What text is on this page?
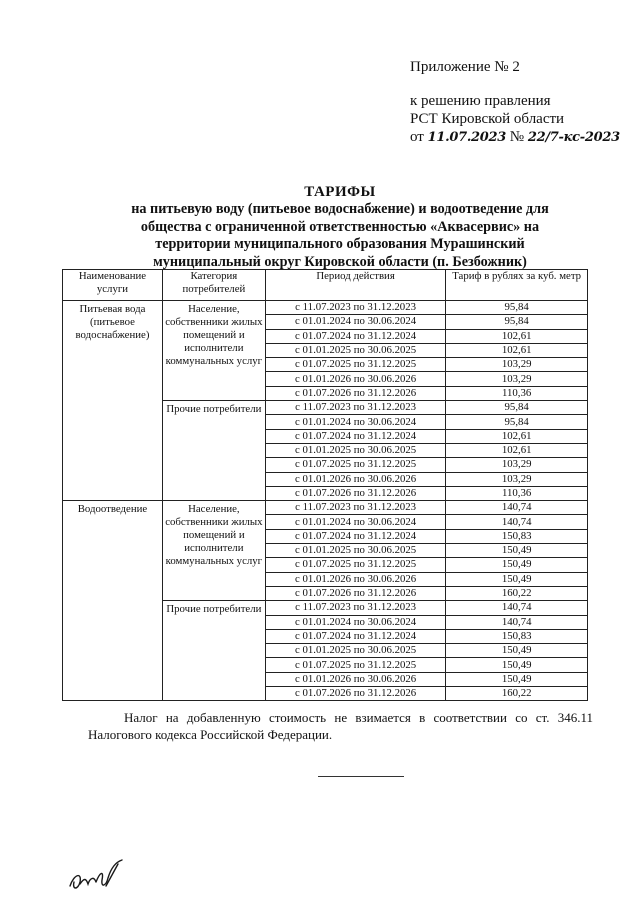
Приложение № 2
к решению правления
РСТ Кировской области
от 11.07.2023 № 22/7-кс-2023
ТАРИФЫ
на питьевую воду (питьевое водоснабжение) и водоотведение для
общества с ограниченной ответственностью «Аквасервис» на
территории муниципального образования Мурашинский
муниципальный округ Кировской области (п. Безбожник)
Наименование услуги	Категория потребителей	Период действия	Тариф в рублях за куб. метр
Питьевая вода (питьевое водоснабжение)	Население, собственники жилых помещений и исполнители коммунальных услуг	с 11.07.2023 по 31.12.2023	95,84
		с 01.01.2024 по 30.06.2024	95,84
		с 01.07.2024 по 31.12.2024	102,61
		с 01.01.2025 по 30.06.2025	102,61
		с 01.07.2025 по 31.12.2025	103,29
		с 01.01.2026 по 30.06.2026	103,29
		с 01.07.2026 по 31.12.2026	110,36
	Прочие потребители	с 11.07.2023 по 31.12.2023	95,84
		с 01.01.2024 по 30.06.2024	95,84
		с 01.07.2024 по 31.12.2024	102,61
		с 01.01.2025 по 30.06.2025	102,61
		с 01.07.2025 по 31.12.2025	103,29
		с 01.01.2026 по 30.06.2026	103,29
		с 01.07.2026 по 31.12.2026	110,36
Водоотведение	Население, собственники жилых помещений и исполнители коммунальных услуг	с 11.07.2023 по 31.12.2023	140,74
		с 01.01.2024 по 30.06.2024	140,74
		с 01.07.2024 по 31.12.2024	150,83
		с 01.01.2025 по 30.06.2025	150,49
		с 01.07.2025 по 31.12.2025	150,49
		с 01.01.2026 по 30.06.2026	150,49
		с 01.07.2026 по 31.12.2026	160,22
	Прочие потребители	с 11.07.2023 по 31.12.2023	140,74
		с 01.01.2024 по 30.06.2024	140,74
		с 01.07.2024 по 31.12.2024	150,83
		с 01.01.2025 по 30.06.2025	150,49
		с 01.07.2025 по 31.12.2025	150,49
		с 01.01.2026 по 30.06.2026	150,49
		с 01.07.2026 по 31.12.2026	160,22
Налог на добавленную стоимость не взимается в соответствии со ст. 346.11 Налогового кодекса Российской Федерации.
